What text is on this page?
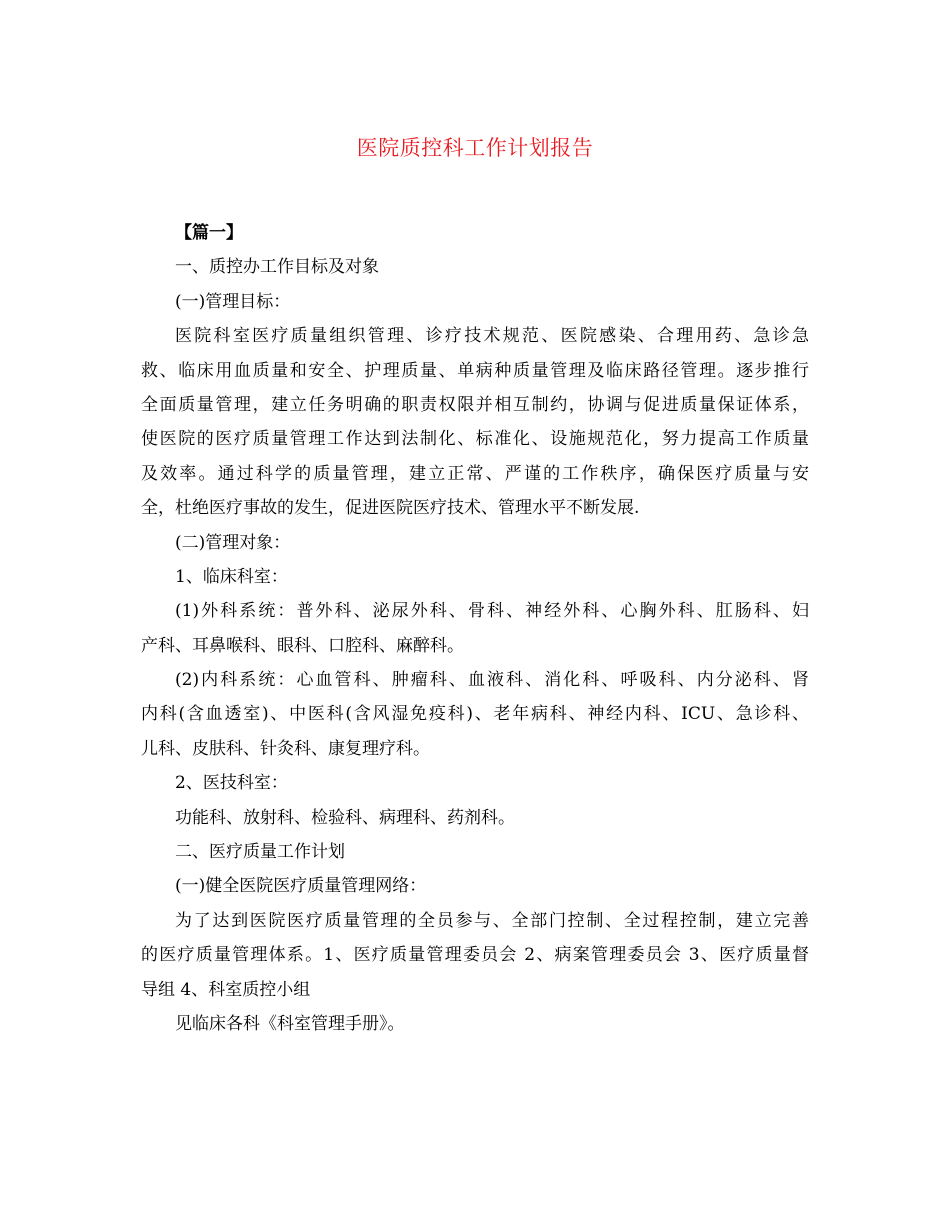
医院质控科工作计划报告
【篇一】
一、质控办工作目标及对象
(一)管理目标：
医院科室医疗质量组织管理、诊疗技术规范、医院感染、合理用药、急诊急
救、临床用血质量和安全、护理质量、单病种质量管理及临床路径管理。逐步推行
全面质量管理，建立任务明确的职责权限并相互制约，协调与促进质量保证体系，
使医院的医疗质量管理工作达到法制化、标准化、设施规范化，努力提高工作质量
及效率。通过科学的质量管理，建立正常、严谨的工作秩序，确保医疗质量与安
全，杜绝医疗事故的发生，促进医院医疗技术、管理水平不断发展.
(二)管理对象：
1、临床科室：
(1)外科系统：普外科、泌尿外科、骨科、神经外科、心胸外科、肛肠科、妇
产科、耳鼻喉科、眼科、口腔科、麻醉科。
(2)内科系统：心血管科、肿瘤科、血液科、消化科、呼吸科、内分泌科、肾
内科(含血透室)、中医科(含风湿免疫科)、老年病科、神经内科、ICU、急诊科、
儿科、皮肤科、针灸科、康复理疗科。
2、医技科室：
功能科、放射科、检验科、病理科、药剂科。
二、医疗质量工作计划
(一)健全医院医疗质量管理网络：
为了达到医院医疗质量管理的全员参与、全部门控制、全过程控制，建立完善
的医疗质量管理体系。1、医疗质量管理委员会 2、病案管理委员会 3、医疗质量督
导组 4、科室质控小组
见临床各科《科室管理手册》。
